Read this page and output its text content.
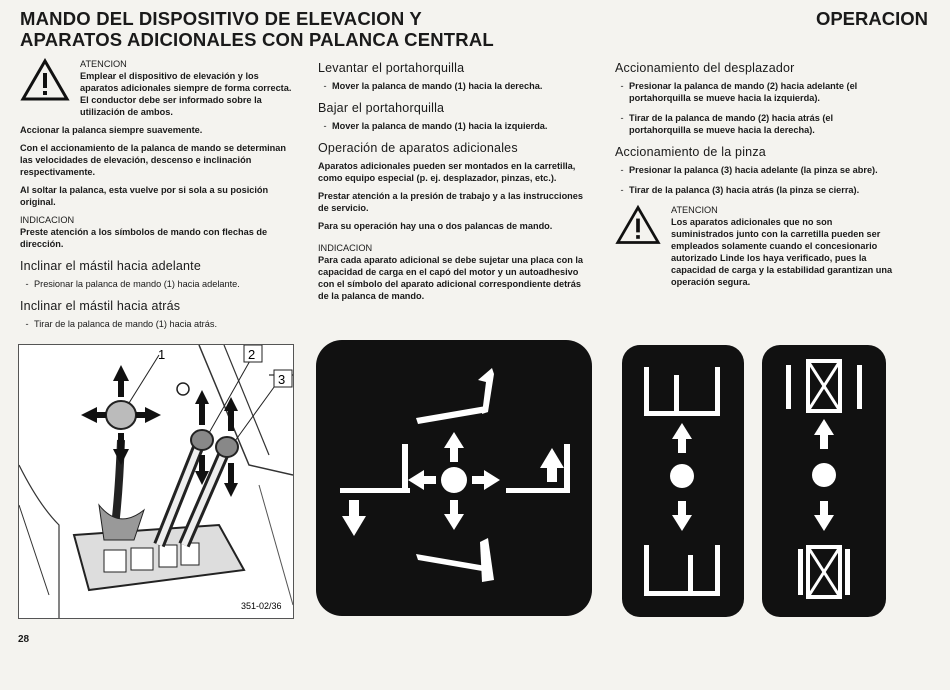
MANDO DEL DISPOSITIVO DE ELEVACION Y
APARATOS ADICIONALES CON PALANCA CENTRAL
OPERACION
ATENCION
Emplear el dispositivo de elevación y los aparatos adicionales siempre de forma correcta. El conductor debe ser informado sobre la utilización de ambos.

Accionar la palanca siempre suavemente.

Con el accionamiento de la palanca de mando se determinan las velocidades de elevación, descenso e inclinación respectivamente.

Al soltar la palanca, esta vuelve por si sola a su posición original.

INDICACION

Preste atención a los símbolos de mando con flechas de dirección.

Inclinar el mástil hacia adelante
- Presionar la palanca de mando (1) hacia adelante.
Inclinar el mástil hacia atrás
- Tirar de la palanca de mando (1) hacia atrás.
1	2
3
351-02/36
Levantar el portahorquilla
- Mover la palanca de mando (1) hacia la derecha.
Bajar el portahorquilla
- Mover la palanca de mando (1) hacia la izquierda.
Operación de aparatos adicionales

Aparatos adicionales pueden ser montados en la carretilla, como equipo especial (p. ej. desplazador, pinzas, etc.).

Prestar atención a la presión de trabajo y a las instrucciones de servicio.

Para su operación hay una o dos palancas de mando.

INDICACION

Para cada aparato adicional se debe sujetar una placa con la capacidad de carga en el capó del motor y un autoadhesivo con el símbolo del aparato adicional correspondiente detrás de la palanca de mando.

Accionamiento del desplazador
- Presionar la palanca de mando (2) hacia adelante (el portahorquilla se mueve hacia la izquierda).
- Tirar de la palanca de mando (2) hacia atrás (el portahorquilla se mueve hacia la derecha).
Accionamiento de la pinza
- Presionar la palanca (3) hacia adelante (la pinza se abre).
- Tirar de la palanca (3) hacia atrás (la pinza se cierra).
ATENCION
Los aparatos adicionales que no son suministrados junto con la carretilla pueden ser empleados solamente cuando el concesionario autorizado Linde los haya verificado, pues la capacidad de carga y la estabilidad garantizan una operación segura.
28
